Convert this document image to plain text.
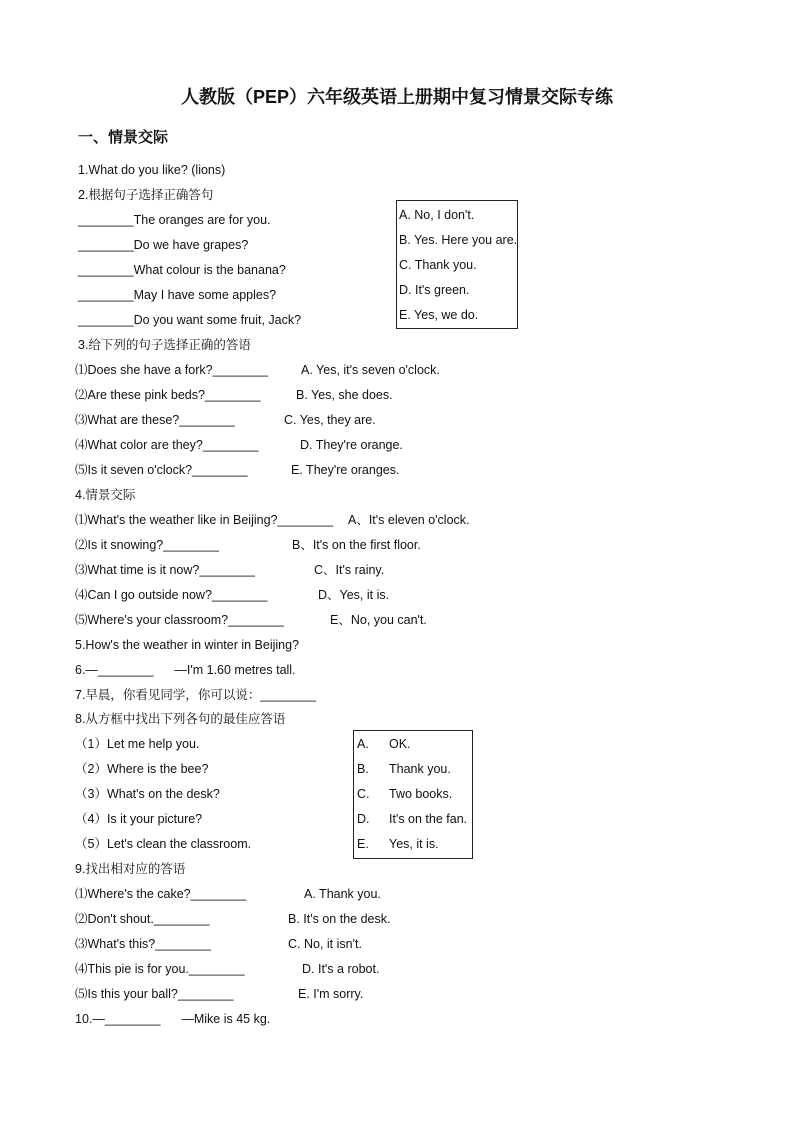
人教版（PEP）六年级英语上册期中复习情景交际专练
一、情景交际
1.What do you like? (lions)
2.根据句子选择正确答句
________The oranges are for you.
________Do we have grapes?
________What colour is the banana?
________May I have some apples?
________Do you want some fruit, Jack?
A. No, I don't.
B. Yes. Here you are.
C. Thank you.
D. It's green.
E. Yes, we do.
3.给下列的句子选择正确的答语
⑴Does she have a fork?________
⑵Are these pink beds?________
⑶What are these?________
⑷What color are they?________
⑸Is it seven o'clock?________
A. Yes, it's seven o'clock.
B. Yes, she does.
C. Yes, they are.
D. They're orange.
E. They're oranges.
4.情景交际
⑴What's the weather like in Beijing?________
⑵Is it snowing?________
⑶What time is it now?________
⑷Can I go outside now?________
⑸Where's your classroom?________
A、It's eleven o'clock.
B、It's on the first floor.
C、It's rainy.
D、Yes, it is.
E、No, you can't.
5.How's the weather in winter in Beijing?
6.—________      —I'm 1.60 metres tall.
7.早晨，你看见同学，你可以说：________
8.从方框中找出下列各句的最佳应答语
（1）Let me help you.
（2）Where is the bee?
（3）What's on the desk?
（4）Is it your picture?
（5）Let's clean the classroom.
A. OK.
B. Thank you.
C. Two books.
D. It's on the fan.
E. Yes, it is.
9.找出相对应的答语
⑴Where's the cake?________
⑵Don't shout.________
⑶What's this?________
⑷This pie is for you.________
⑸Is this your ball?________
A. Thank you.
B. It's on the desk.
C. No, it isn't.
D. It's a robot.
E. I'm sorry.
10.—________      —Mike is 45 kg.
